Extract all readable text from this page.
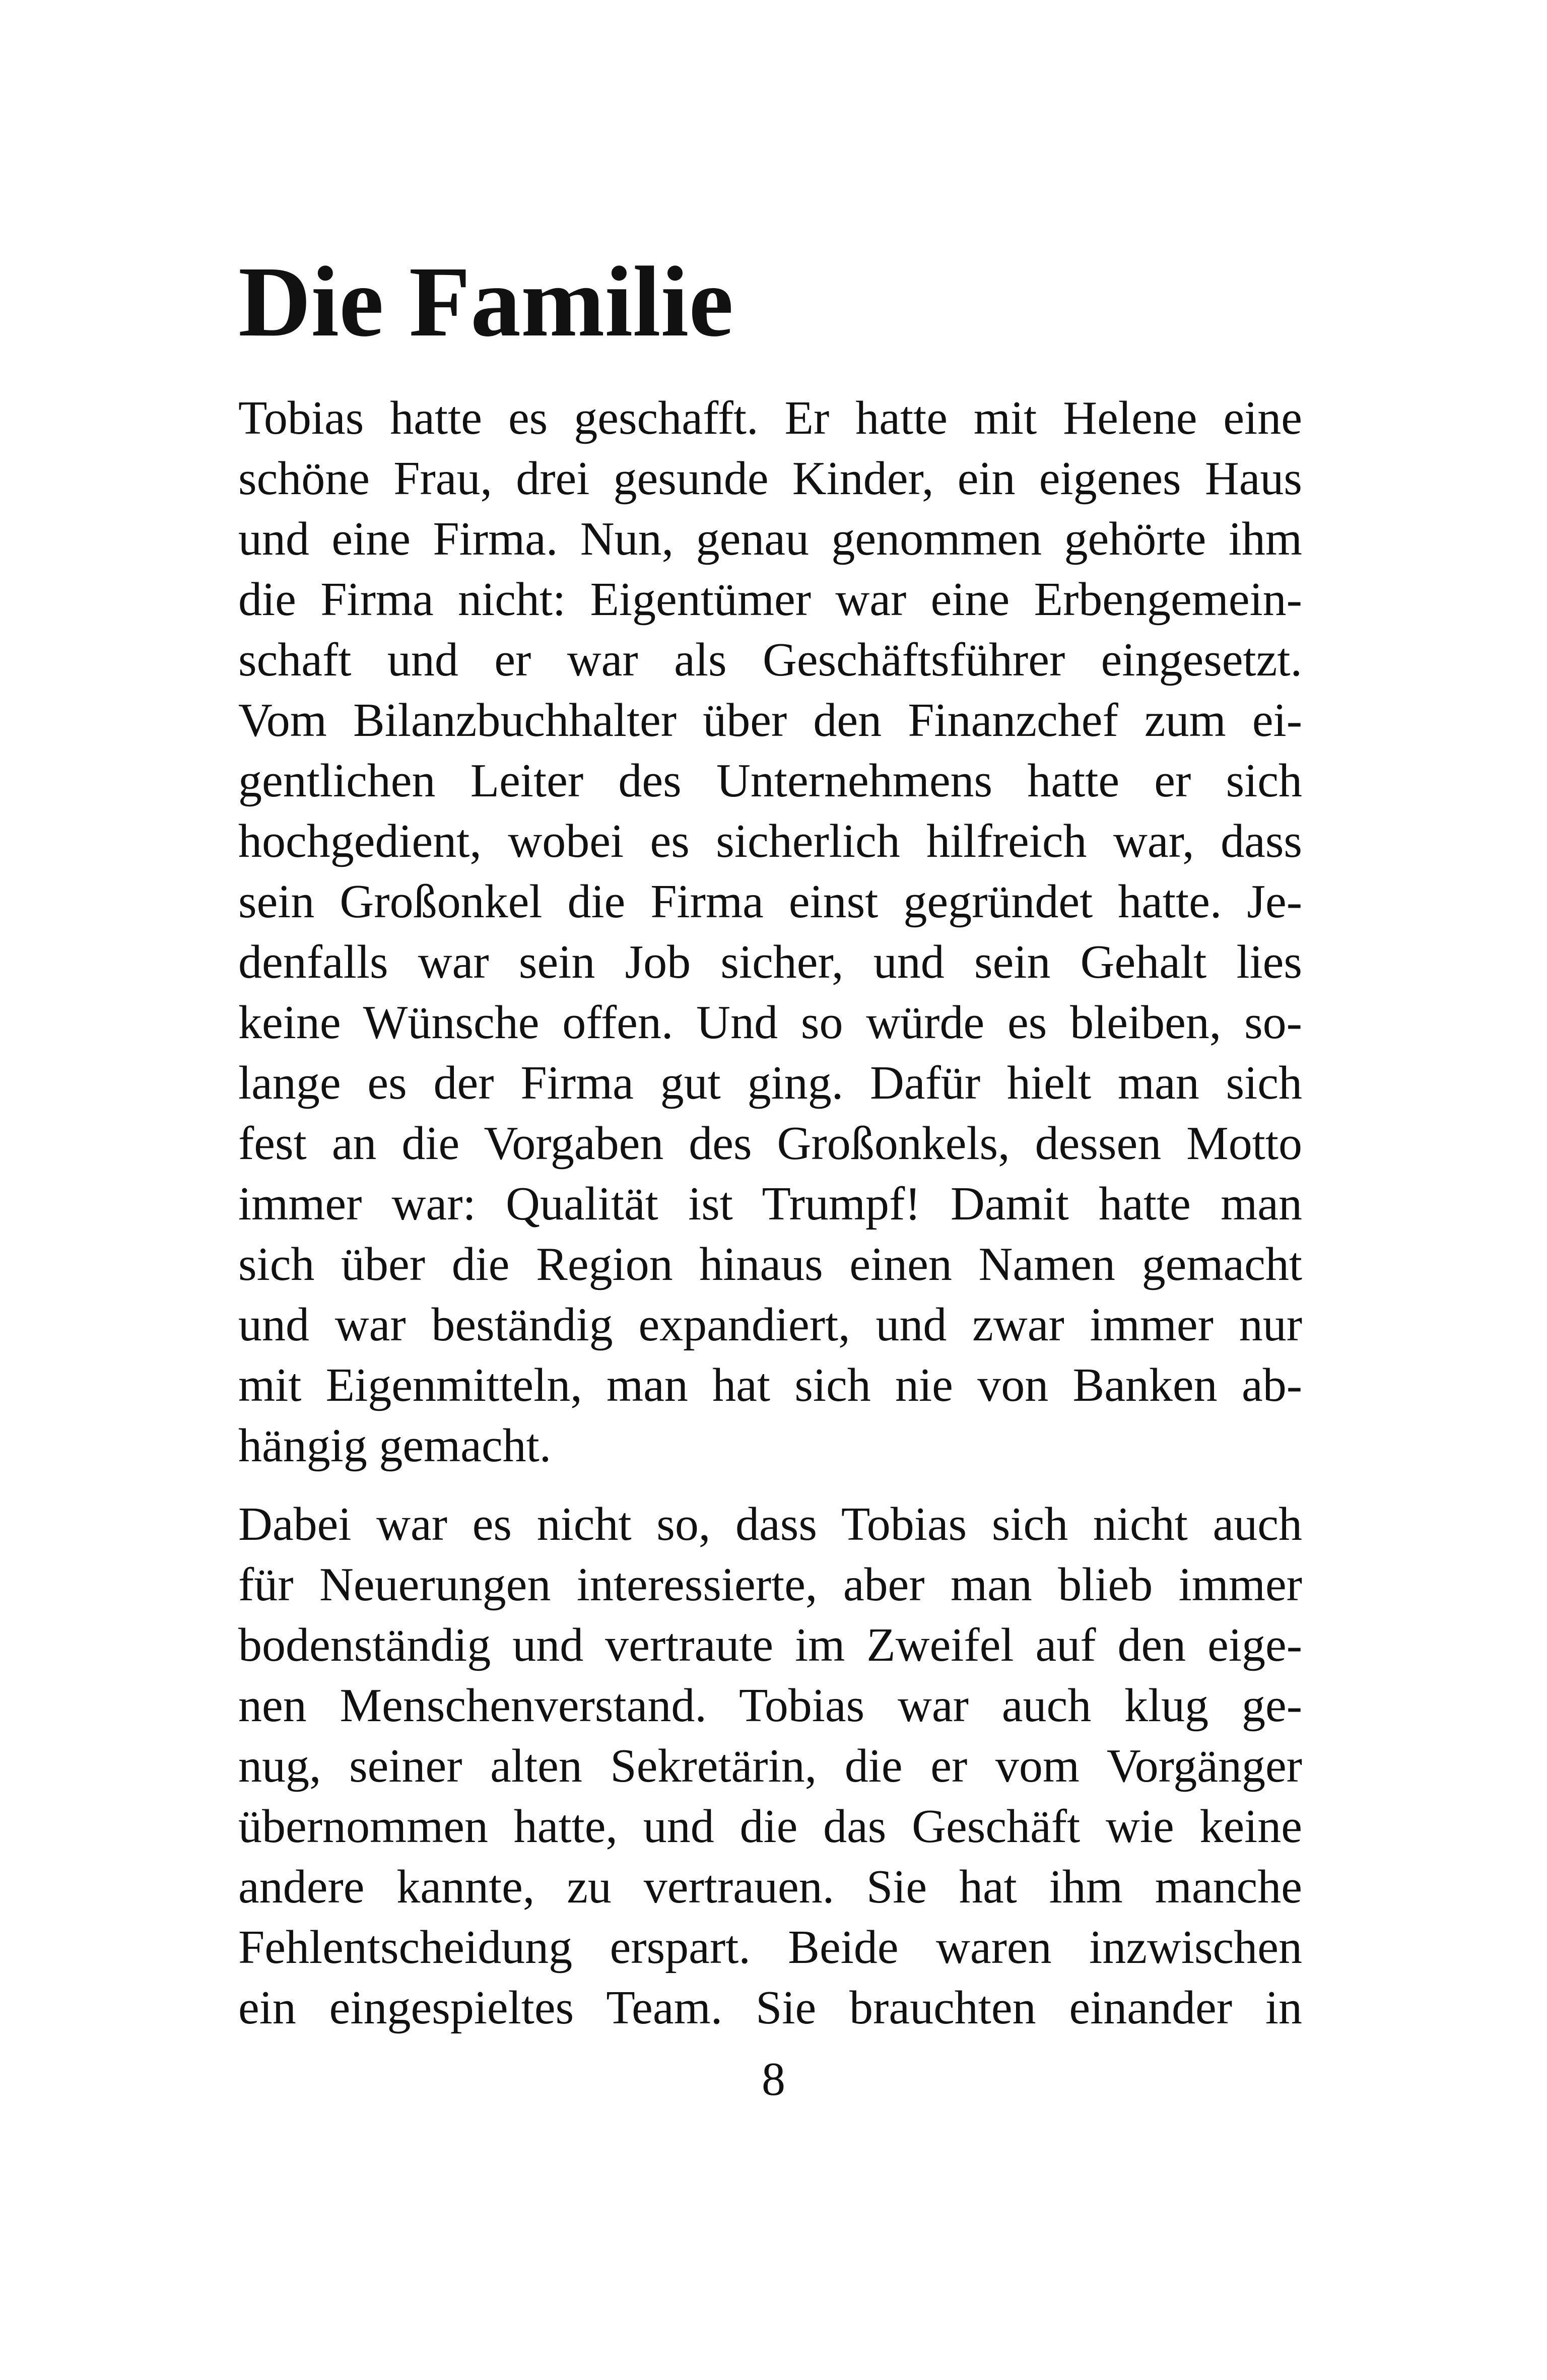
Die Familie
Tobias hatte es geschafft. Er hatte mit Helene eine
schöne Frau, drei gesunde Kinder, ein eigenes Haus
und eine Firma. Nun, genau genommen gehörte ihm
die Firma nicht: Eigentümer war eine Erbengemein-
schaft und er war als Geschäftsführer eingesetzt.
Vom Bilanzbuchhalter über den Finanzchef zum ei-
gentlichen Leiter des Unternehmens hatte er sich
hochgedient, wobei es sicherlich hilfreich war, dass
sein Großonkel die Firma einst gegründet hatte. Je-
denfalls war sein Job sicher, und sein Gehalt lies
keine Wünsche offen. Und so würde es bleiben, so-
lange es der Firma gut ging. Dafür hielt man sich
fest an die Vorgaben des Großonkels, dessen Motto
immer war: Qualität ist Trumpf! Damit hatte man
sich über die Region hinaus einen Namen gemacht
und war beständig expandiert, und zwar immer nur
mit Eigenmitteln, man hat sich nie von Banken ab-
hängig gemacht.
Dabei war es nicht so, dass Tobias sich nicht auch
für Neuerungen interessierte, aber man blieb immer
bodenständig und vertraute im Zweifel auf den eige-
nen Menschenverstand. Tobias war auch klug ge-
nug, seiner alten Sekretärin, die er vom Vorgänger
übernommen hatte, und die das Geschäft wie keine
andere kannte, zu vertrauen. Sie hat ihm manche
Fehlentscheidung erspart. Beide waren inzwischen
ein eingespieltes Team. Sie brauchten einander in
8
